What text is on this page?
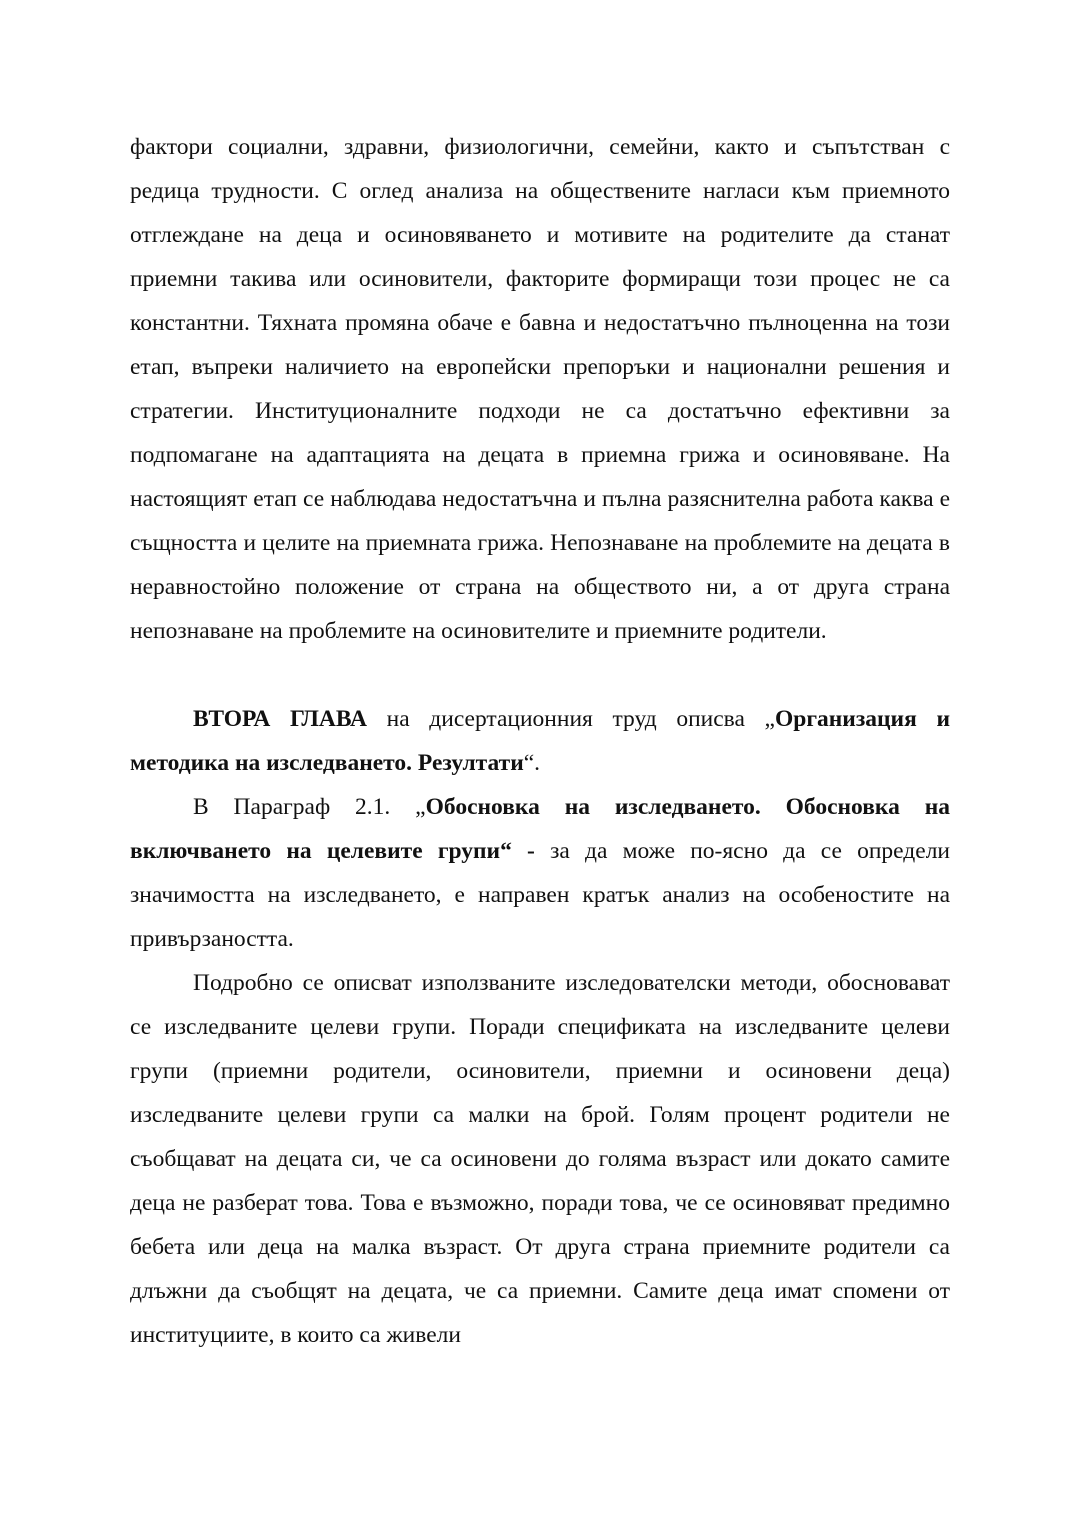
фактори социални, здравни, физиологични, семейни, както и съпътстван с редица трудности. С оглед анализа на обществените нагласи към приемното отглеждане на деца и осиновяването и мотивите на родителите да станат приемни такива или осиновители, факторите формиращи този процес не са константни. Тяхната промяна обаче е бавна и недостатъчно пълноценна на този етап, въпреки наличието на европейски препоръки и национални решения и стратегии. Институционалните подходи не са достатъчно ефективни за подпомагане на адаптацията на децата в приемна грижа и осиновяване. На настоящият етап се наблюдава недостатъчна и пълна разяснителна работа каква е същността и целите на приемната грижа. Непознаване на проблемите на децата в неравностойно положение от страна на обществото ни, а от друга страна непознаване на проблемите на осиновителите и приемните родители.

ВТОРА ГЛАВА на дисертационния труд описва „Организация и методика на изследването. Резултати“.

В Параграф 2.1. „Обосновка на изследването. Обосновка на включването на целевите групи“ - за да може по-ясно да се определи значимостта на изследването, е направен кратък анализ на особеностите на привързаността.

Подробно се описват използваните изследователски методи, обосновават се изследваните целеви групи. Поради спецификата на изследваните целеви групи (приемни родители, осиновители, приемни и осиновени деца) изследваните целеви групи са малки на брой. Голям процент родители не съобщават на децата си, че са осиновени до голяма възраст или докато самите деца не разберат това. Това е възможно, поради това, че се осиновяват предимно бебета или деца на малка възраст. От друга страна приемните родители са длъжни да съобщят на децата, че са приемни. Самите деца имат спомени от институциите, в които са живели
